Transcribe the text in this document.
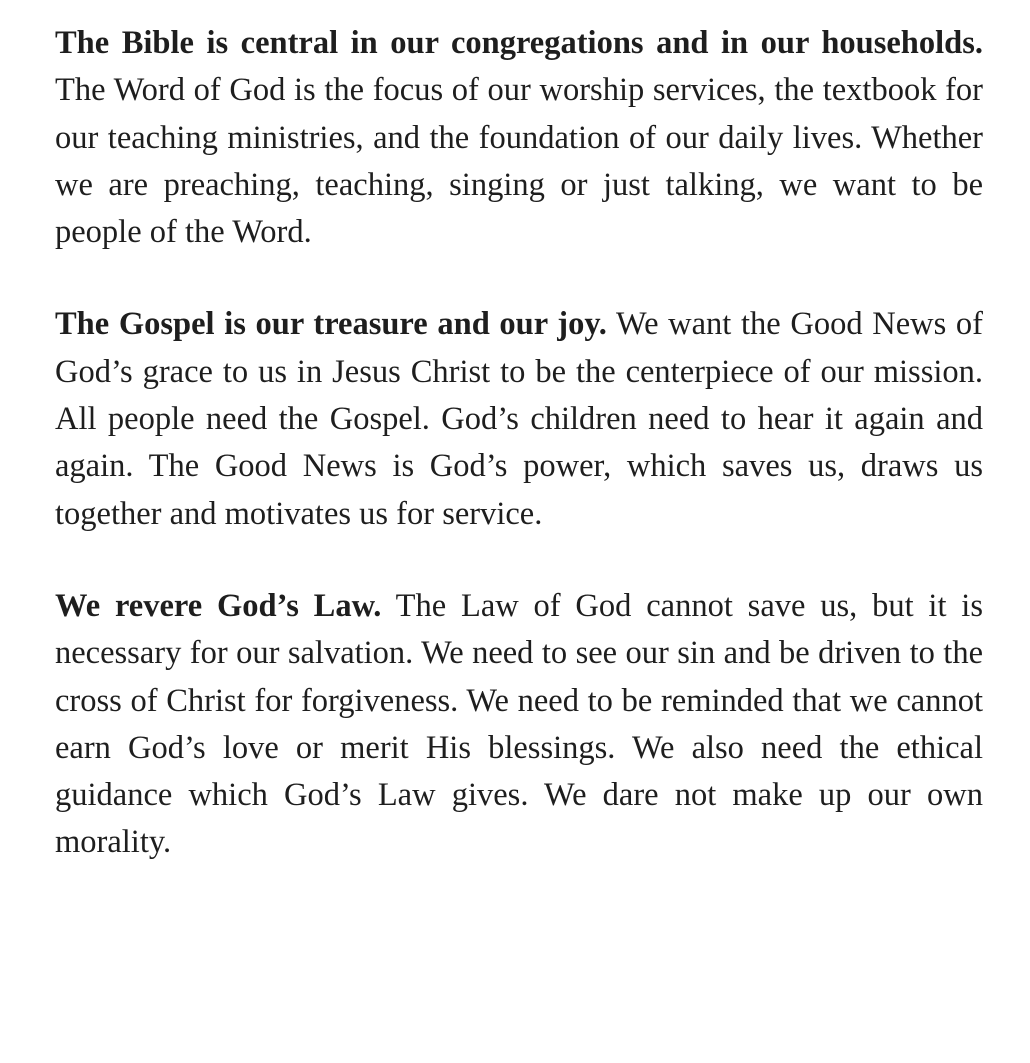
The Bible is central in our congregations and in our households. The Word of God is the focus of our worship services, the textbook for our teaching ministries, and the foundation of our daily lives. Whether we are preaching, teaching, singing or just talking, we want to be people of the Word.

The Gospel is our treasure and our joy. We want the Good News of God’s grace to us in Jesus Christ to be the centerpiece of our mission. All people need the Gospel. God’s children need to hear it again and again. The Good News is God’s power, which saves us, draws us together and motivates us for service.

We revere God’s Law. The Law of God cannot save us, but it is necessary for our salvation. We need to see our sin and be driven to the cross of Christ for forgiveness. We need to be reminded that we cannot earn God’s love or merit His blessings. We also need the ethical guidance which God’s Law gives. We dare not make up our own morality.
